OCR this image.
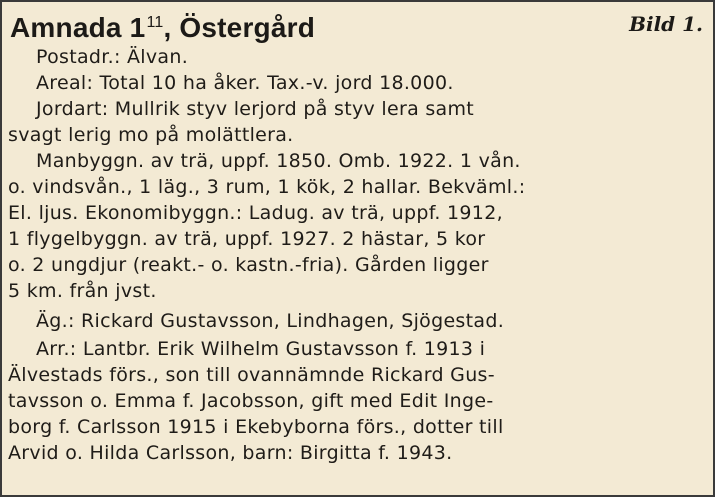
Amnada $1^{11}$, Östergård	Bild 1.
Postadr.: Älvan.
Areal: Total 10 ha åker. Tax.-v. jord 18.000.
Jordart: Mullrik styv lerjord på styv lera samt
svagt lerig mo på molättlera.
Manbyggn. av trä, uppf. 1850. Omb. 1922. 1 vån.
o. vindsvån., 1 läg., 3 rum, 1 kök, 2 hallar. Bekväml.:
El. ljus. Ekonomibyggn.: Ladug. av trä, uppf. 1912,
1 flygelbyggn. av trä, uppf. 1927. 2 hästar, 5 kor
o. 2 ungdjur (reakt.- o. kastn.-fria). Gården ligger
5 km. från jvst.
Äg.: Rickard Gustavsson, Lindhagen, Sjögestad.
Arr.: Lantbr. Erik Wilhelm Gustavsson f. 1913 i
Älvestads förs., son till ovannämnde Rickard Gus-
tavsson o. Emma f. Jacobsson, gift med Edit Inge-
borg f. Carlsson 1915 i Ekebyborna förs., dotter till
Arvid o. Hilda Carlsson, barn: Birgitta f. 1943.
